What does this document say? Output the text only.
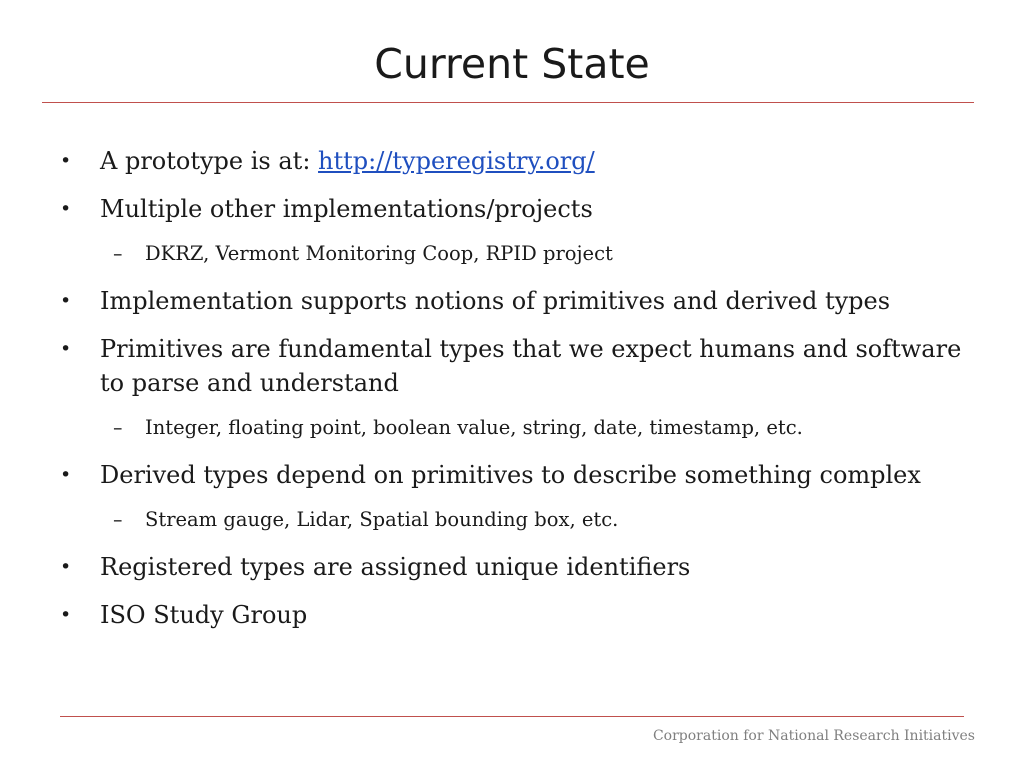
Current State
• A prototype is at: http://typeregistry.org/
• Multiple other implementations/projects
– DKRZ, Vermont Monitoring Coop, RPID project
• Implementation supports notions of primitives and derived types
• Primitives are fundamental types that we expect humans and software
to parse and understand
– Integer, floating point, boolean value, string, date, timestamp, etc.
• Derived types depend on primitives to describe something complex
– Stream gauge, Lidar, Spatial bounding box, etc.
• Registered types are assigned unique identifiers
• ISO Study Group
Corporation for National Research Initiatives
